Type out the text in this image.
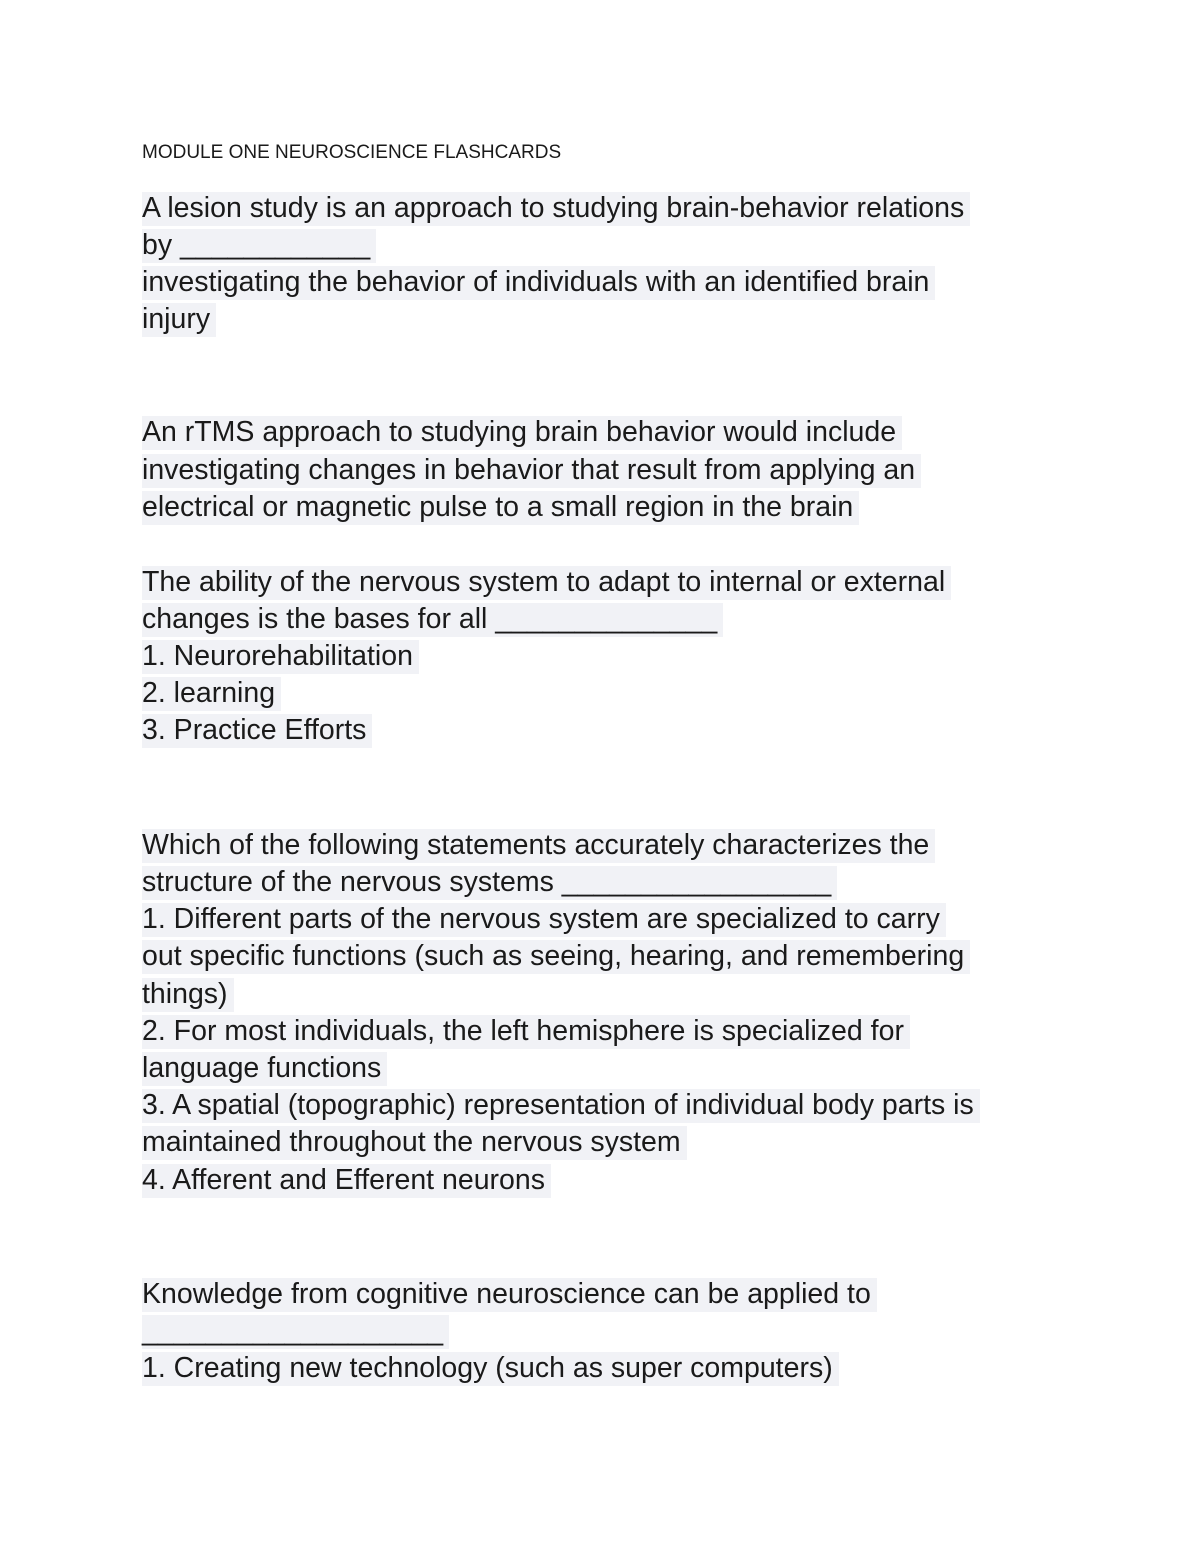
MODULE ONE NEUROSCIENCE FLASHCARDS
A lesion study is an approach to studying brain-behavior relations
by ____________
investigating the behavior of individuals with an identified brain
injury
An rTMS approach to studying brain behavior would include
investigating changes in behavior that result from applying an
electrical or magnetic pulse to a small region in the brain
The ability of the nervous system to adapt to internal or external
changes is the bases for all ______________
1. Neurorehabilitation
2. learning
3. Practice Efforts
Which of the following statements accurately characterizes the
structure of the nervous systems _________________
1. Different parts of the nervous system are specialized to carry
out specific functions (such as seeing, hearing, and remembering
things)
2. For most individuals, the left hemisphere is specialized for
language functions
3. A spatial (topographic) representation of individual body parts is
maintained throughout the nervous system
4. Afferent and Efferent neurons
Knowledge from cognitive neuroscience can be applied to
___________________
1. Creating new technology (such as super computers)
